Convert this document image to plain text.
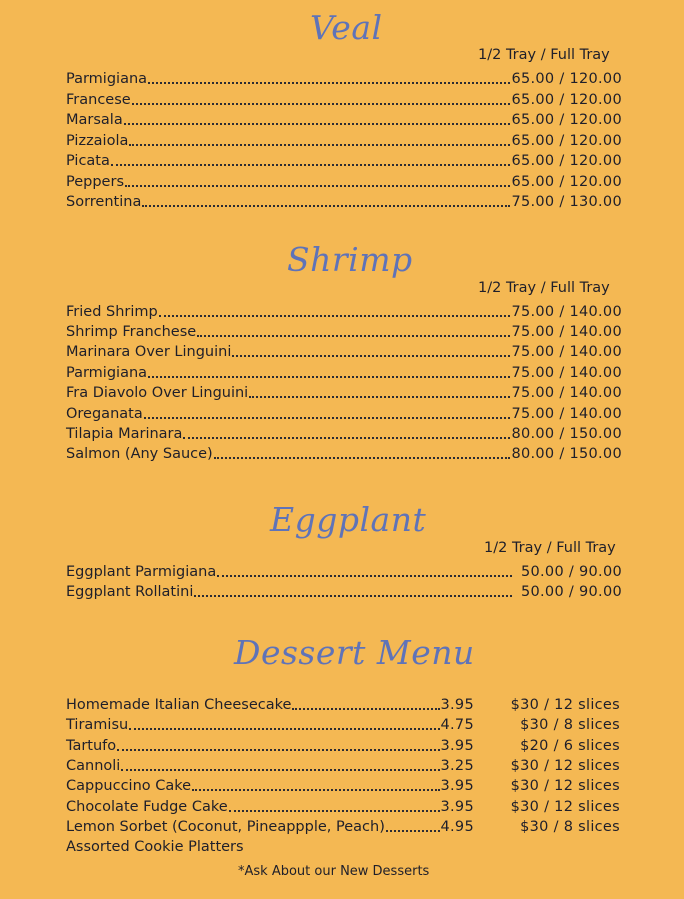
Veal
1/2 Tray / Full Tray
Parmigiana	65.00 / 120.00
Francese	65.00 / 120.00
Marsala	65.00 / 120.00
Pizzaiola	65.00 / 120.00
Picata	65.00 / 120.00
Peppers	65.00 / 120.00
Sorrentina	75.00 / 130.00
Shrimp
1/2 Tray / Full Tray
Fried Shrimp	75.00 / 140.00
Shrimp Franchese	75.00 / 140.00
Marinara Over Linguini	75.00 / 140.00
Parmigiana	75.00 / 140.00
Fra Diavolo Over Linguini	75.00 / 140.00
Oreganata	75.00 / 140.00
Tilapia Marinara	80.00 / 150.00
Salmon (Any Sauce)	80.00 / 150.00
Eggplant
1/2 Tray / Full Tray
Eggplant Parmigiana	50.00 / 90.00
Eggplant Rollatini	50.00 / 90.00
Dessert Menu
Homemade Italian Cheesecake	3.95	$30 / 12 slices
Tiramisu	4.75	$30 / 8 slices
Tartufo	3.95	$20 / 6 slices
Cannoli	3.25	$30 / 12 slices
Cappuccino Cake	3.95	$30 / 12 slices
Chocolate Fudge Cake	3.95	$30 / 12 slices
Lemon Sorbet (Coconut, Pineappple, Peach)	4.95	$30 / 8 slices
Assorted Cookie Platters
*Ask About our New Desserts
